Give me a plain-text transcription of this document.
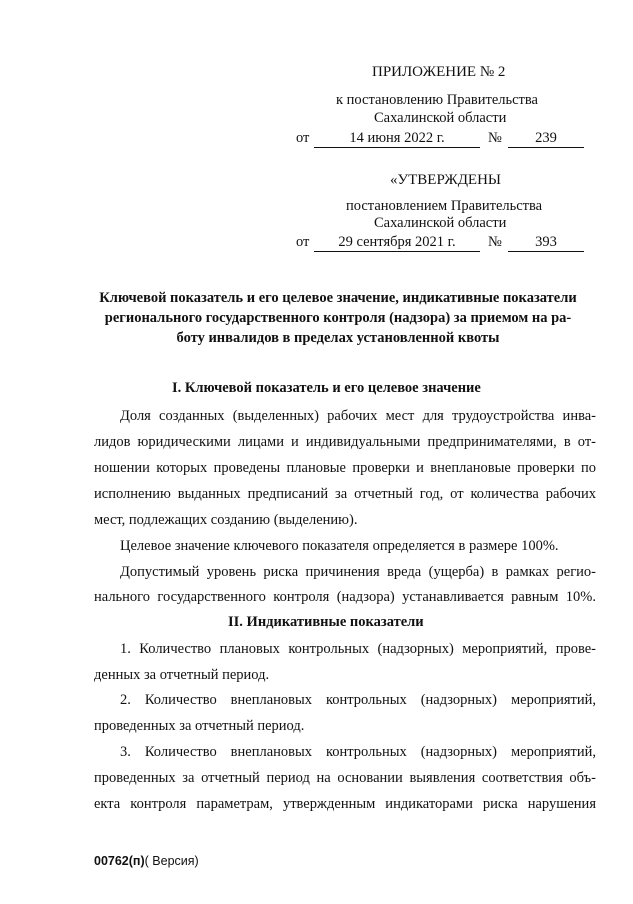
ПРИЛОЖЕНИЕ № 2
к постановлению Правительства
Сахалинской области
от	14 июня 2022 г.	№	239
«УТВЕРЖДЕНЫ
постановлением Правительства
Сахалинской области
от	29 сентября 2021 г.	№	393
Ключевой показатель и его целевое значение, индикативные показатели
регионального государственного контроля (надзора) за приемом на ра-
боту инвалидов в пределах установленной квоты
I. Ключевой показатель и его целевое значение
Доля созданных (выделенных) рабочих мест для трудоустройства инва-
лидов юридическими лицами и индивидуальными предпринимателями, в от-
ношении которых проведены плановые проверки и внеплановые проверки по
исполнению выданных предписаний за отчетный год, от количества рабочих
мест, подлежащих созданию (выделению).
Целевое значение ключевого показателя определяется в размере 100%.
Допустимый уровень риска причинения вреда (ущерба) в рамках регио-
нального государственного контроля (надзора) устанавливается равным 10%.
II. Индикативные показатели
1. Количество плановых контрольных (надзорных) мероприятий, прове-
денных за отчетный период.
2. Количество внеплановых контрольных (надзорных) мероприятий,
проведенных за отчетный период.
3. Количество внеплановых контрольных (надзорных) мероприятий,
проведенных за отчетный период на основании выявления соответствия объ-
екта контроля параметрам, утвержденным индикаторами риска нарушения
00762(п)( Версия)
